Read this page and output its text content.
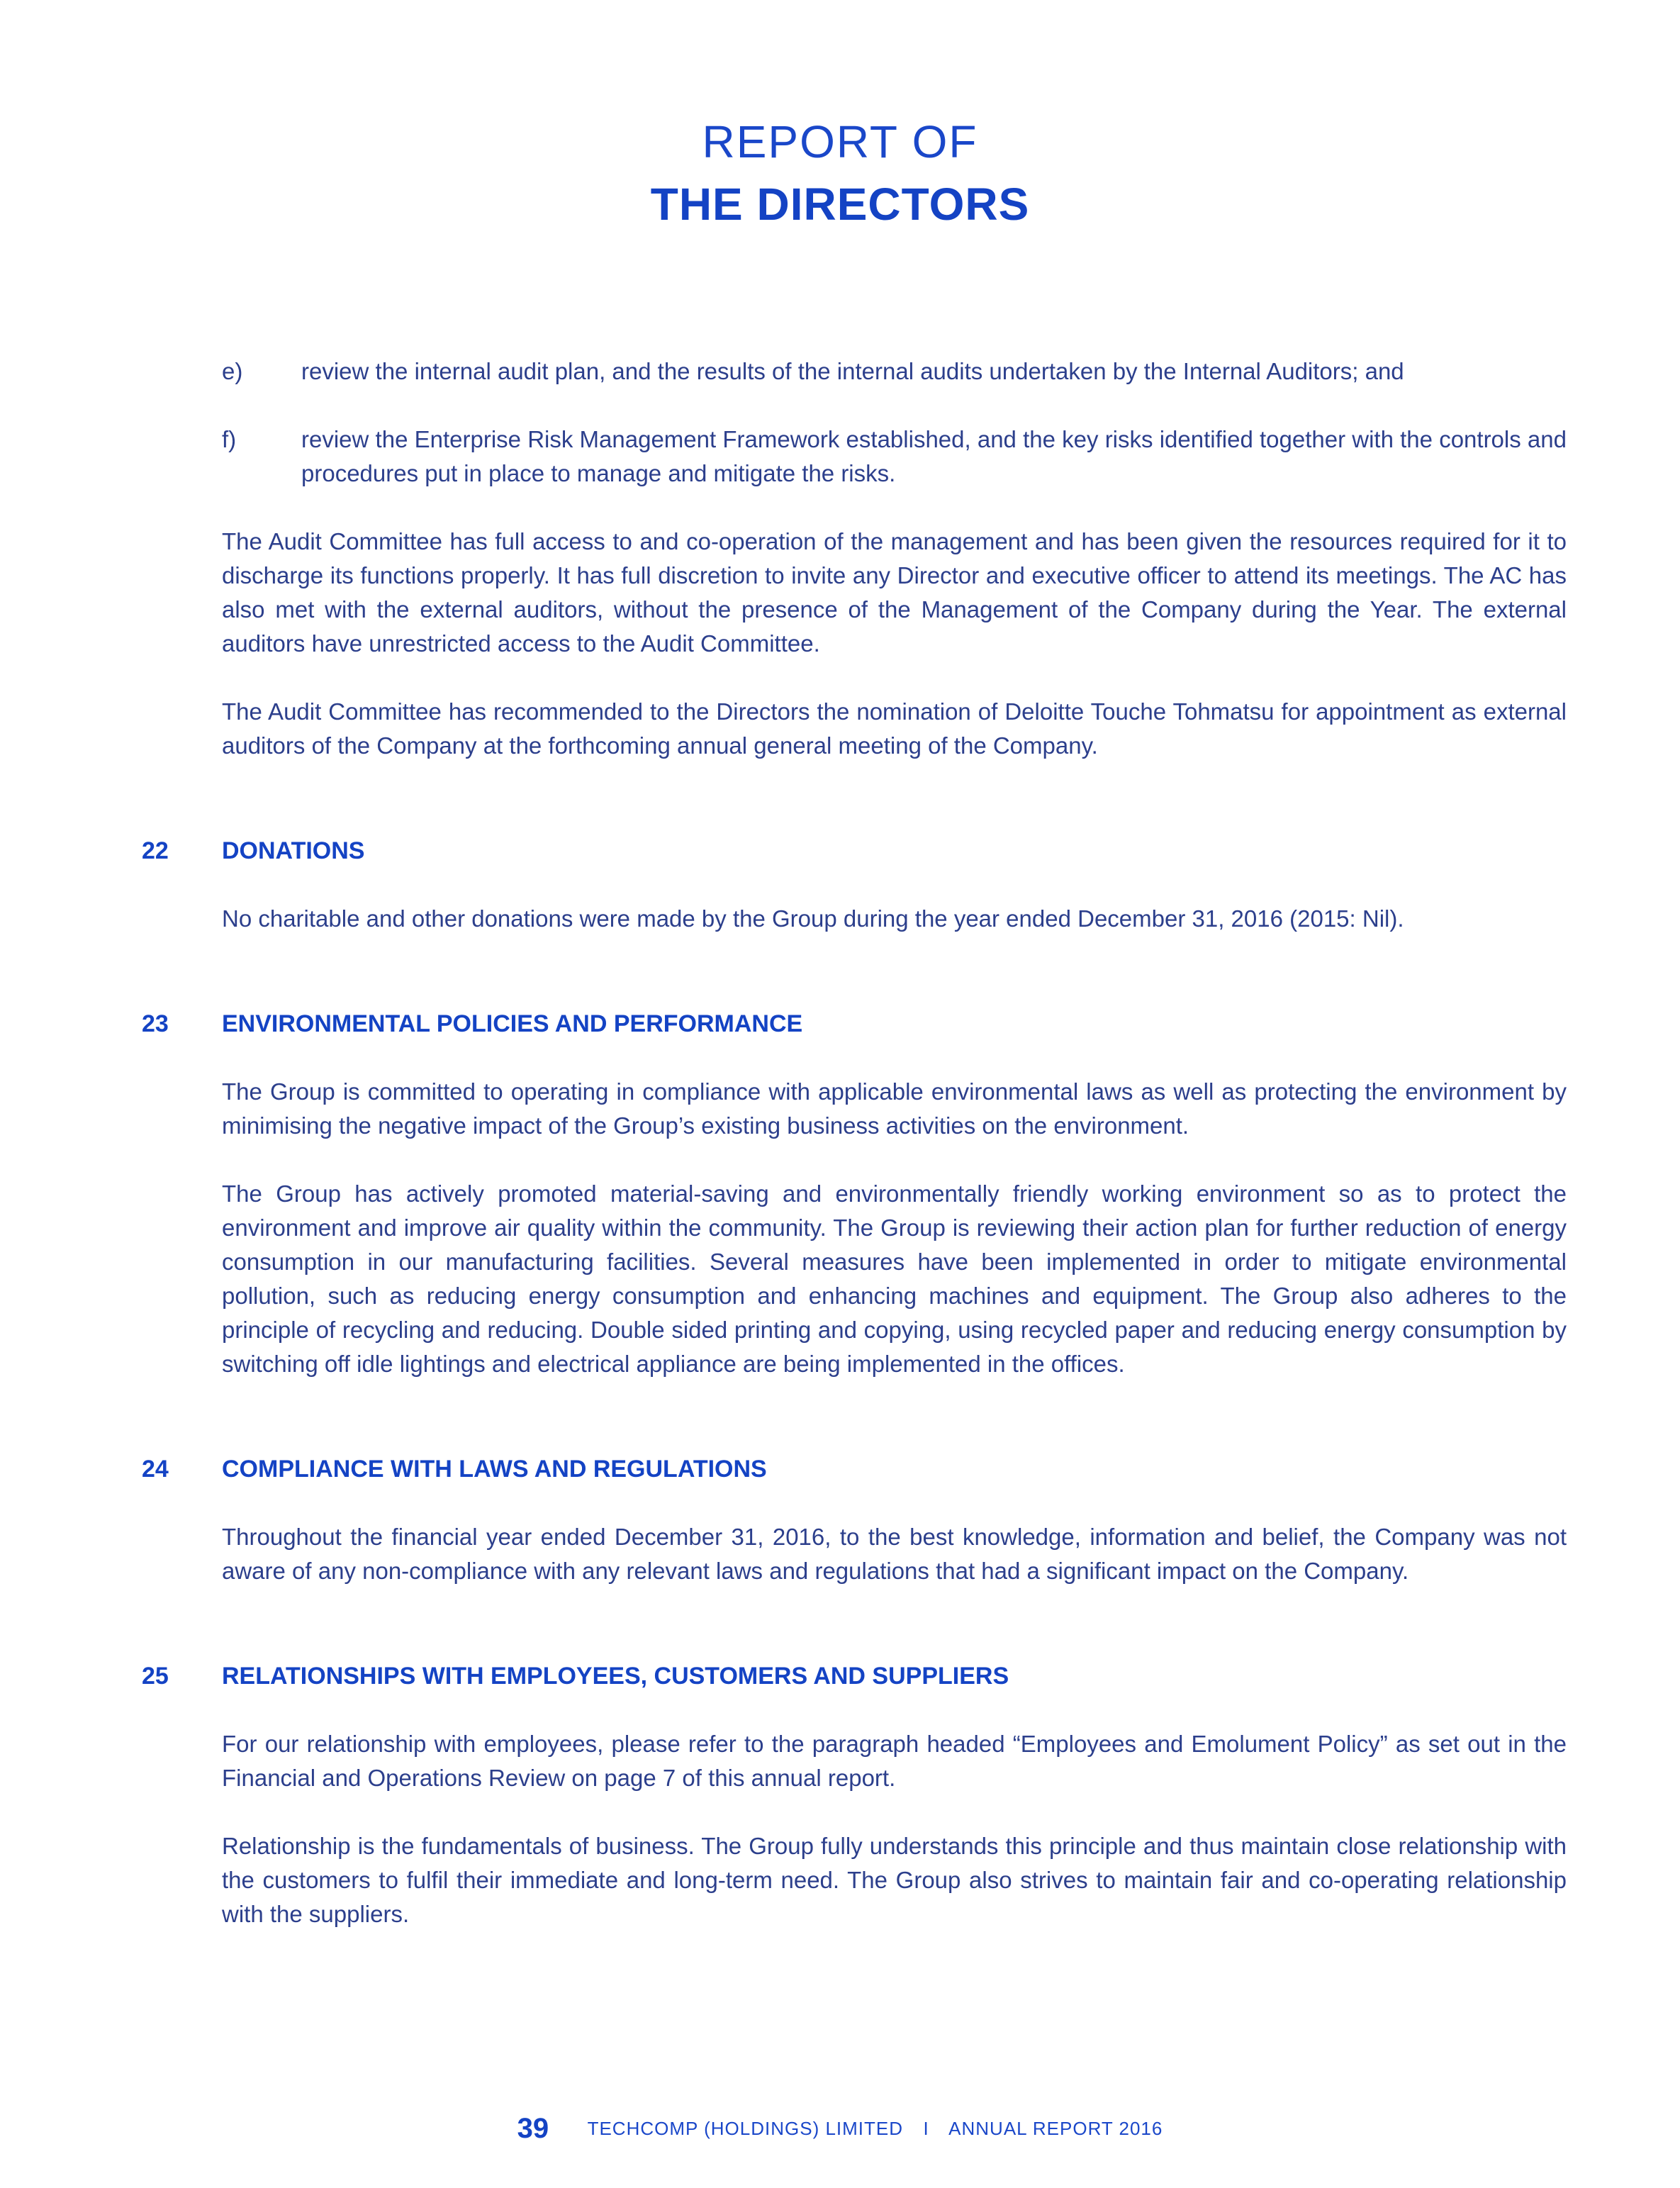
REPORT OF
THE DIRECTORS
e)	review the internal audit plan, and the results of the internal audits undertaken by the Internal Auditors; and
f)	review the Enterprise Risk Management Framework established, and the key risks identified together with the controls and procedures put in place to manage and mitigate the risks.
The Audit Committee has full access to and co-operation of the management and has been given the resources required for it to discharge its functions properly. It has full discretion to invite any Director and executive officer to attend its meetings. The AC has also met with the external auditors, without the presence of the Management of the Company during the Year. The external auditors have unrestricted access to the Audit Committee.
The Audit Committee has recommended to the Directors the nomination of Deloitte Touche Tohmatsu for appointment as external auditors of the Company at the forthcoming annual general meeting of the Company.
22	DONATIONS
No charitable and other donations were made by the Group during the year ended December 31, 2016 (2015: Nil).
23	ENVIRONMENTAL POLICIES AND PERFORMANCE
The Group is committed to operating in compliance with applicable environmental laws as well as protecting the environment by minimising the negative impact of the Group’s existing business activities on the environment.
The Group has actively promoted material-saving and environmentally friendly working environment so as to protect the environment and improve air quality within the community. The Group is reviewing their action plan for further reduction of energy consumption in our manufacturing facilities. Several measures have been implemented in order to mitigate environmental pollution, such as reducing energy consumption and enhancing machines and equipment. The Group also adheres to the principle of recycling and reducing. Double sided printing and copying, using recycled paper and reducing energy consumption by switching off idle lightings and electrical appliance are being implemented in the offices.
24	COMPLIANCE WITH LAWS AND REGULATIONS
Throughout the financial year ended December 31, 2016, to the best knowledge, information and belief, the Company was not aware of any non-compliance with any relevant laws and regulations that had a significant impact on the Company.
25	RELATIONSHIPS WITH EMPLOYEES, CUSTOMERS AND SUPPLIERS
For our relationship with employees, please refer to the paragraph headed “Employees and Emolument Policy” as set out in the Financial and Operations Review on page 7 of this annual report.
Relationship is the fundamentals of business. The Group fully understands this principle and thus maintain close relationship with the customers to fulfil their immediate and long-term need. The Group also strives to maintain fair and co-operating relationship with the suppliers.
39 TECHCOMP (HOLDINGS) LIMITED I ANNUAL REPORT 2016
